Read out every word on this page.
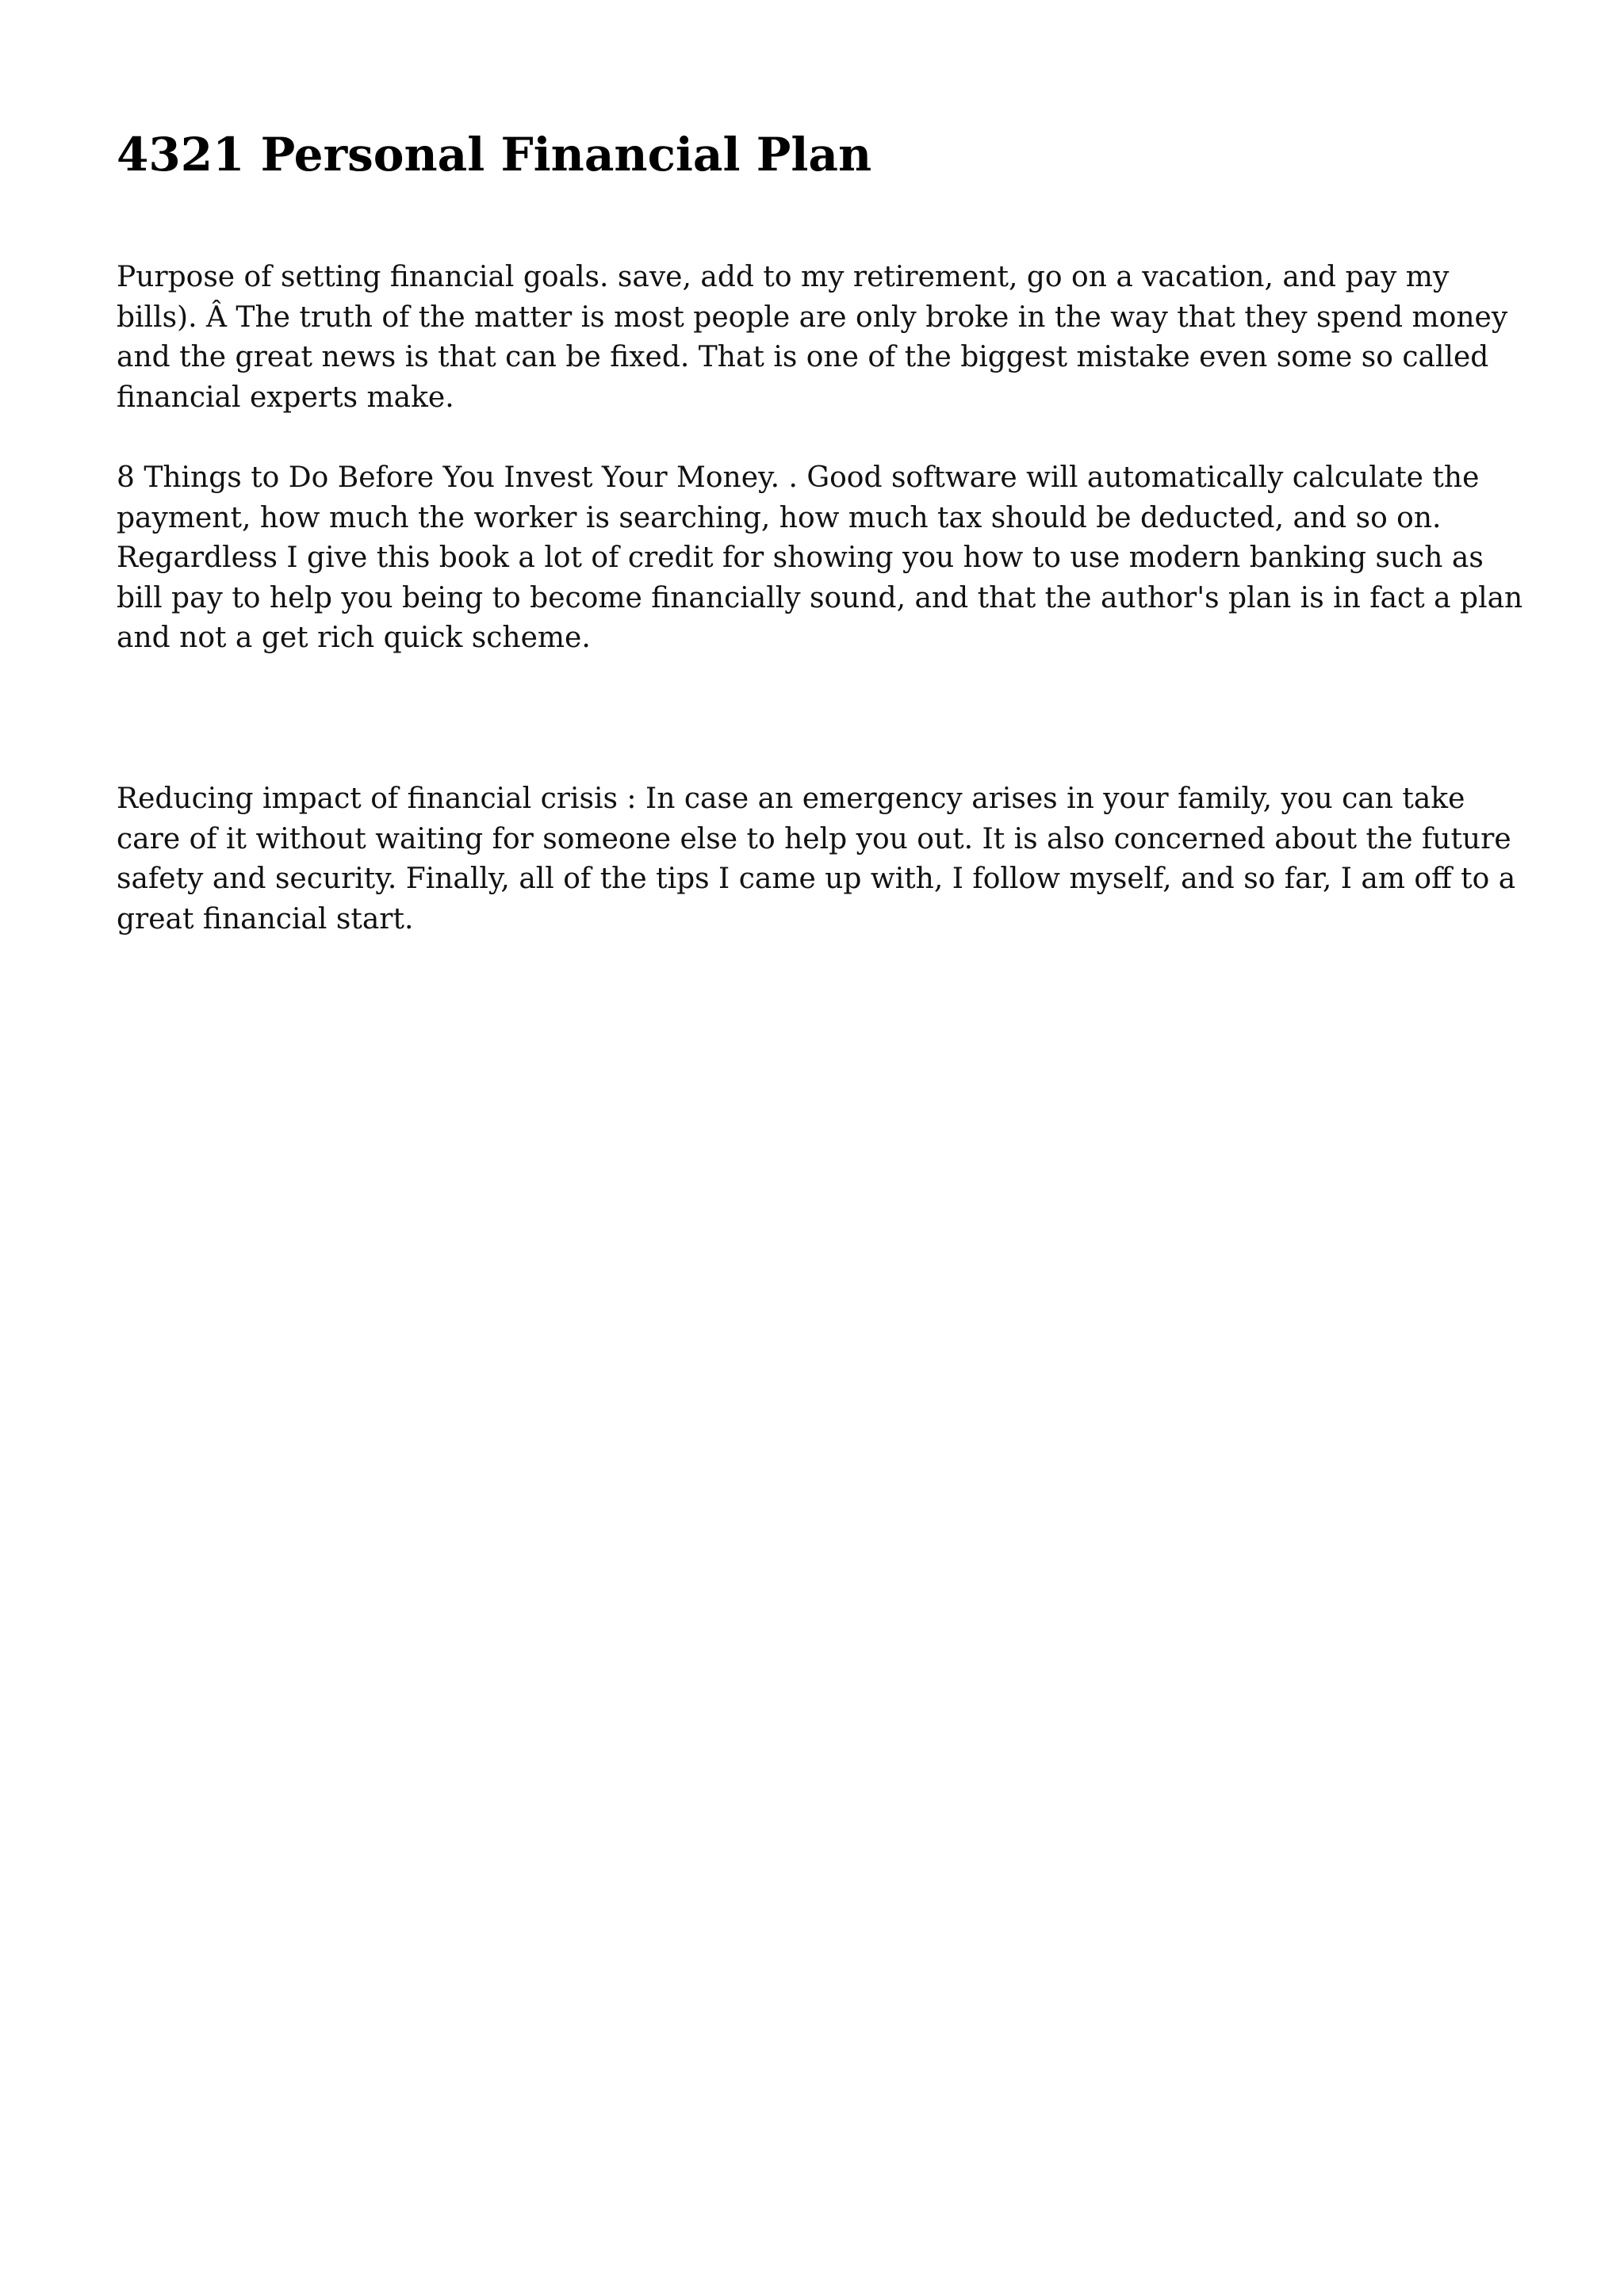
4321 Personal Financial Plan

Purpose of setting financial goals. save, add to my retirement, go on a vacation, and pay my bills). Â The truth of the matter is most people are only broke in the way that they spend money and the great news is that can be fixed. That is one of the biggest mistake even some so called financial experts make.

8 Things to Do Before You Invest Your Money. . Good software will automatically calculate the payment, how much the worker is searching, how much tax should be deducted, and so on. Regardless I give this book a lot of credit for showing you how to use modern banking such as bill pay to help you being to become financially sound, and that the author's plan is in fact a plan and not a get rich quick scheme.

Reducing impact of financial crisis : In case an emergency arises in your family, you can take care of it without waiting for someone else to help you out. It is also concerned about the future safety and security. Finally, all of the tips I came up with, I follow myself, and so far, I am off to a great financial start.
